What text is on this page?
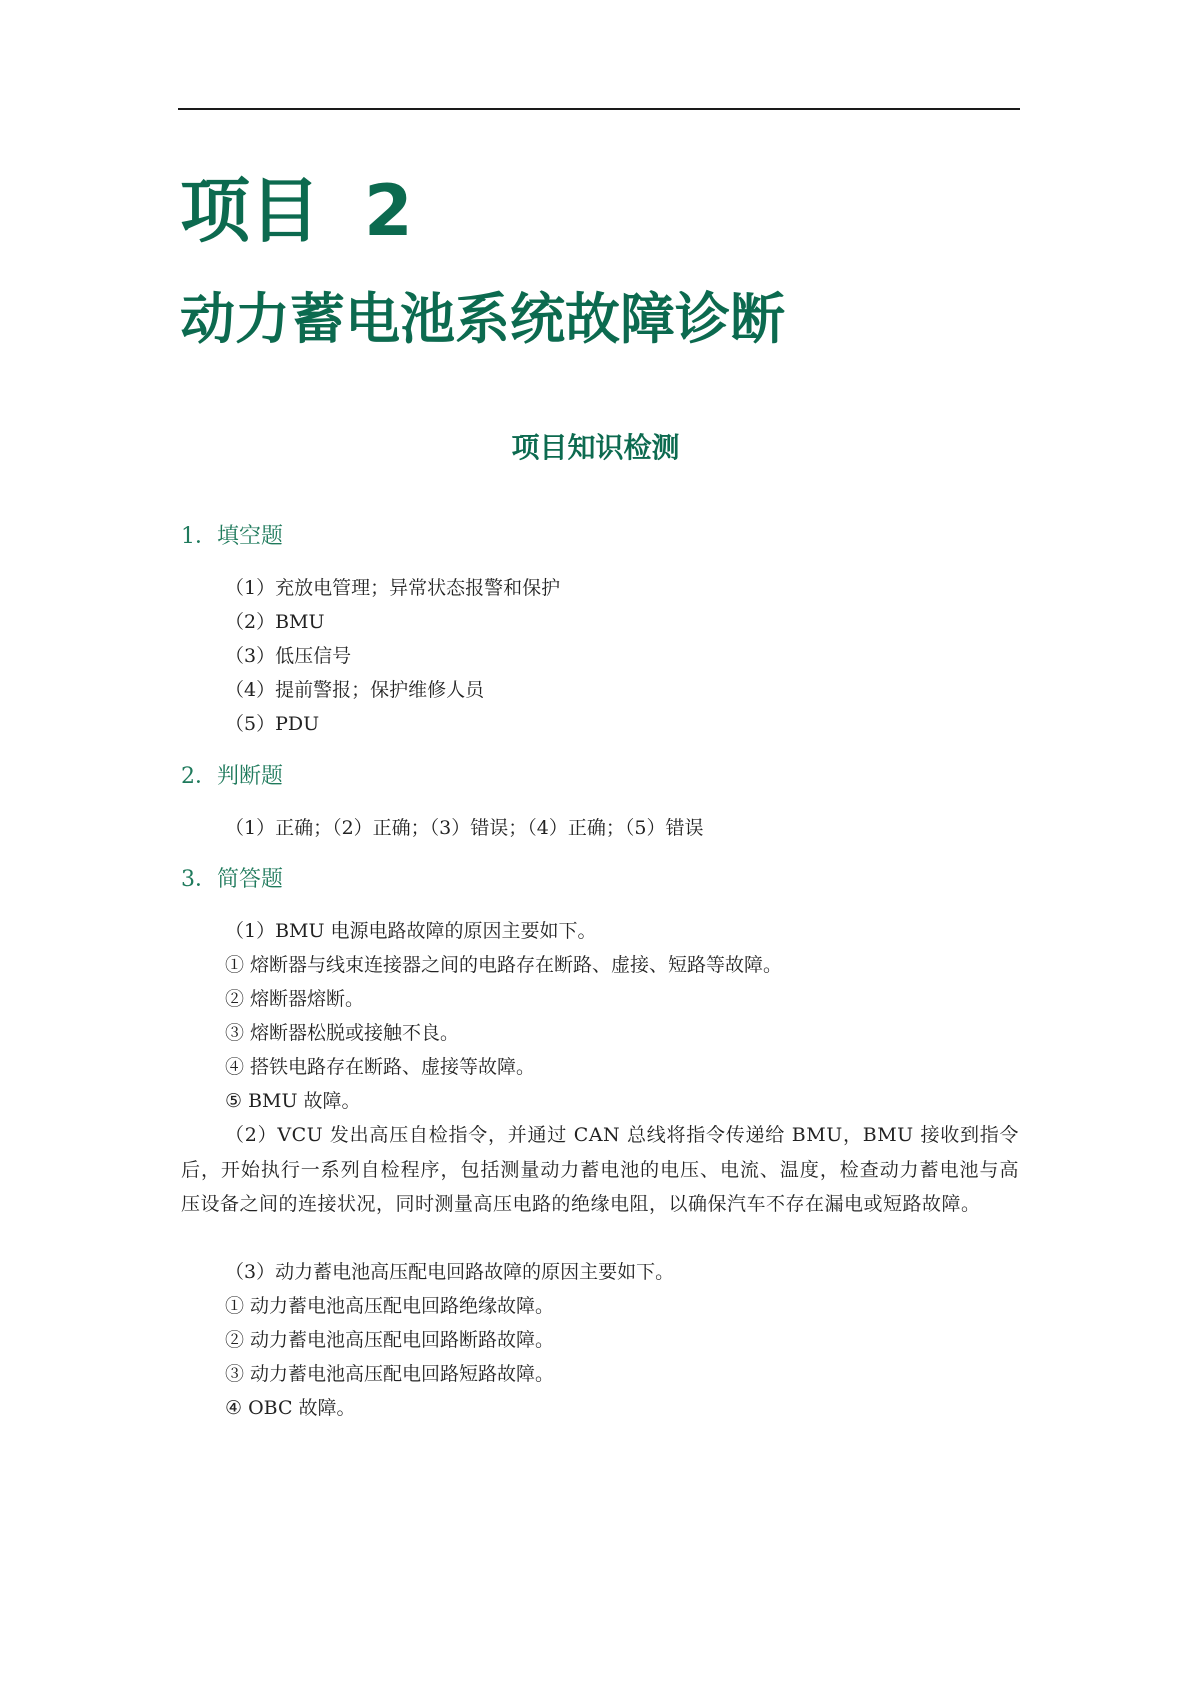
项目 2
动力蓄电池系统故障诊断
项目知识检测
1．填空题
（1）充放电管理；异常状态报警和保护
（2）BMU
（3）低压信号
（4）提前警报；保护维修人员
（5）PDU
2．判断题
（1）正确；（2）正确；（3）错误；（4）正确；（5）错误
3．简答题
（1）BMU 电源电路故障的原因主要如下。
① 熔断器与线束连接器之间的电路存在断路、虚接、短路等故障。
② 熔断器熔断。
③ 熔断器松脱或接触不良。
④ 搭铁电路存在断路、虚接等故障。
⑤ BMU 故障。
（2）VCU 发出高压自检指令，并通过 CAN 总线将指令传递给 BMU，BMU 接收到指令后，开始执行一系列自检程序，包括测量动力蓄电池的电压、电流、温度，检查动力蓄电池与高压设备之间的连接状况，同时测量高压电路的绝缘电阻，以确保汽车不存在漏电或短路故障。
（3）动力蓄电池高压配电回路故障的原因主要如下。
① 动力蓄电池高压配电回路绝缘故障。
② 动力蓄电池高压配电回路断路故障。
③ 动力蓄电池高压配电回路短路故障。
④ OBC 故障。
